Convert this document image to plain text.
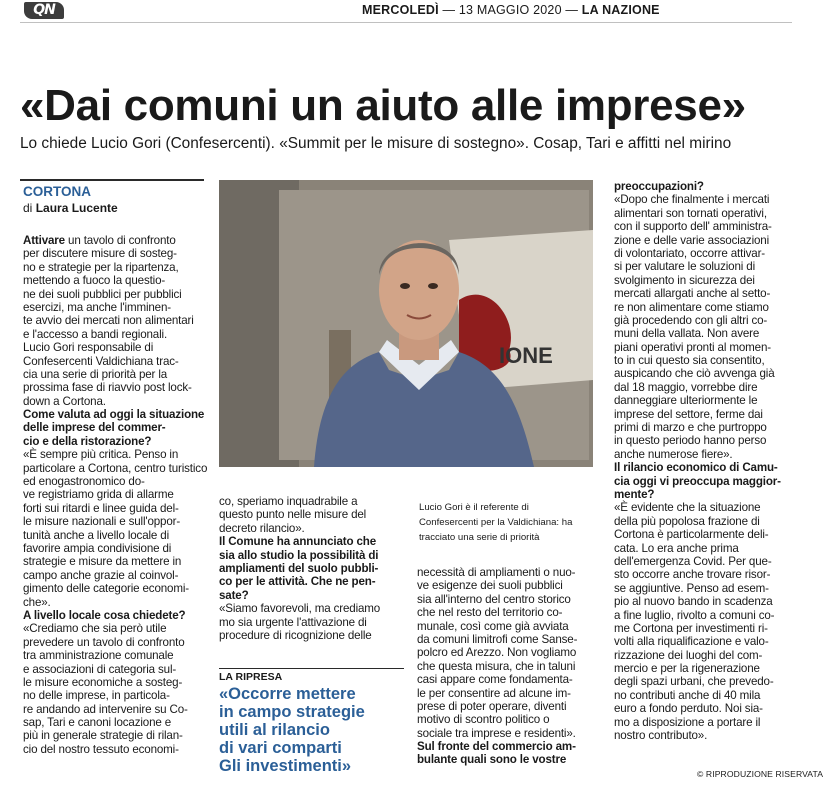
QN	MERCOLEDÌ — 13 MAGGIO 2020 — LA NAZIONE
«Dai comuni un aiuto alle imprese»
Lo chiede Lucio Gori (Confesercenti). «Summit per le misure di sostegno». Cosap, Tari e affitti nel mirino
CORTONA
di Laura Lucente
Attivare un tavolo di confronto
per discutere misure di sosteg-
no e strategie per la ripartenza,
mettendo a fuoco la questio-
ne dei suoli pubblici per pubblici
esercizi, ma anche l'imminen-
te avvio dei mercati non alimentari
e l'accesso a bandi regionali.
Lucio Gori responsabile di
Confesercenti Valdichiana trac-
cia una serie di priorità per la
prossima fase di riavvio post lock-
down a Cortona.
Come valuta ad oggi la situazione
delle imprese del commer-
cio e della ristorazione?
«È sempre più critica. Penso in
particolare a Cortona, centro turistico
ed enogastronomico do-
ve registriamo grida di allarme
forti sui ritardi e linee guida del-
le misure nazionali e sull'oppor-
tunità anche a livello locale di
favorire ampia condivisione di
strategie e misure da mettere in
campo anche grazie al coinvol-
gimento delle categorie economi-
che».
A livello locale cosa chiedete?
«Crediamo che sia però utile
prevedere un tavolo di confronto
tra amministrazione comunale
e associazioni di categoria sul-
le misure economiche a sosteg-
no delle imprese, in particola-
re andando ad intervenire su Co-
sap, Tari e canoni locazione e
più in generale strategie di rilan-
cio del nostro tessuto economi-
IONE
Lucio Gori è il referente di
Confesercenti per la Valdichiana: ha
tracciato una serie di priorità
co, speriamo inquadrabile a
questo punto nelle misure del
decreto rilancio».
Il Comune ha annunciato che
sia allo studio la possibilità di
ampliamenti del suolo pubbli-
co per le attività. Che ne pen-
sate?
«Siamo favorevoli, ma crediamo
mo sia urgente l'attivazione di
procedure di ricognizione delle
LA RIPRESA
«Occorre mettere
in campo strategie
utili al rilancio
di vari comparti
Gli investimenti»
necessità di ampliamenti o nuo-
ve esigenze dei suoli pubblici
sia all'interno del centro storico
che nel resto del territorio co-
munale, così come già avviata
da comuni limitrofi come Sanse-
polcro ed Arezzo. Non vogliamo
che questa misura, che in taluni
casi appare come fondamenta-
le per consentire ad alcune im-
prese di poter operare, diventi
motivo di scontro politico o
sociale tra imprese e residenti».
Sul fronte del commercio am-
bulante quali sono le vostre
preoccupazioni?
«Dopo che finalmente i mercati
alimentari son tornati operativi,
con il supporto dell' amministra-
zione e delle varie associazioni
di volontariato, occorre attivar-
si per valutare le soluzioni di
svolgimento in sicurezza dei
mercati allargati anche al setto-
re non alimentare come stiamo
già procedendo con gli altri co-
muni della vallata. Non avere
piani operativi pronti al momen-
to in cui questo sia consentito,
auspicando che ciò avvenga già
dal 18 maggio, vorrebbe dire
danneggiare ulteriormente le
imprese del settore, ferme dai
primi di marzo e che purtroppo
in questo periodo hanno perso
anche numerose fiere».
Il rilancio economico di Camu-
cia oggi vi preoccupa maggior-
mente?
«È evidente che la situazione
della più popolosa frazione di
Cortona è particolarmente deli-
cata. Lo era anche prima
dell'emergenza Covid. Per que-
sto occorre anche trovare risor-
se aggiuntive. Penso ad esem-
pio al nuovo bando in scadenza
a fine luglio, rivolto a comuni co-
me Cortona per investimenti ri-
volti alla riqualificazione e valo-
rizzazione dei luoghi del com-
mercio e per la rigenerazione
degli spazi urbani, che prevedo-
no contributi anche di 40 mila
euro a fondo perduto. Noi sia-
mo a disposizione a portare il
nostro contributo».
© RIPRODUZIONE RISERVATA
